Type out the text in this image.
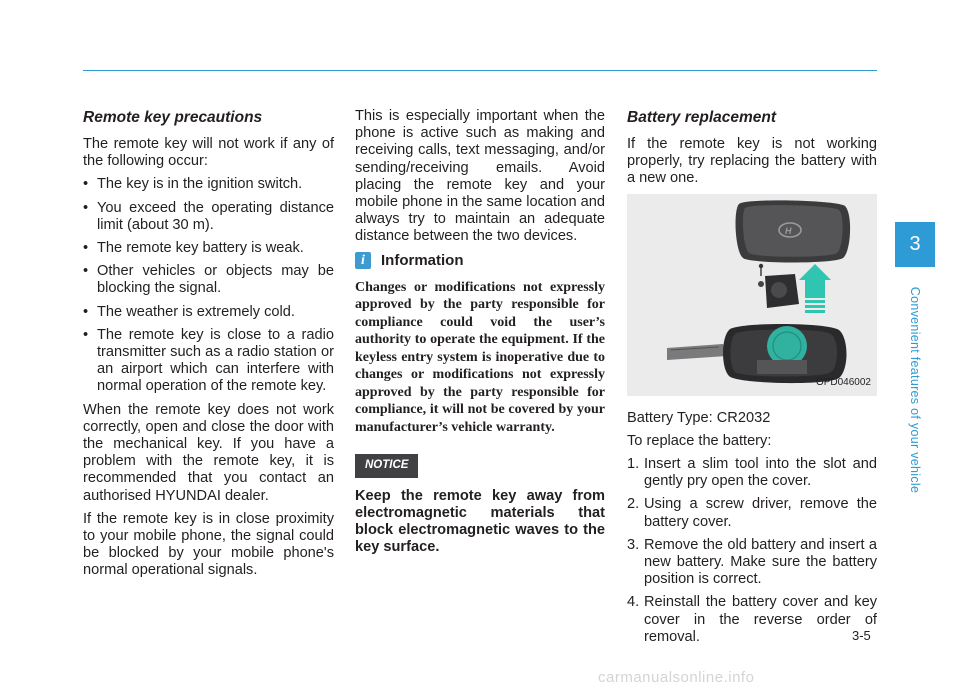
Remote key precautions

The remote key will not work if any of the following occur:

• The key is in the ignition switch.
• You exceed the operating distance limit (about 30 m).
• The remote key battery is weak.
• Other vehicles or objects may be blocking the signal.
• The weather is extremely cold.
• The remote key is close to a radio transmitter such as a radio station or an airport which can interfere with normal operation of the remote key.

When the remote key does not work correctly, open and close the door with the mechanical key. If you have a problem with the remote key, it is recommended that you contact an authorised HYUNDAI dealer.

If the remote key is in close proximity to your mobile phone, the signal could be blocked by your mobile phone's normal operational signals.

This is especially important when the phone is active such as making and receiving calls, text messaging, and/or sending/receiving emails. Avoid placing the remote key and your mobile phone in the same location and always try to maintain an adequate distance between the two devices.

i	Information

Changes or modifications not expressly approved by the party responsible for compliance could void the user’s authority to operate the equipment. If the keyless entry system is inoperative due to changes or modifications not expressly approved by the party responsible for compliance, it will not be covered by your manufacturer’s vehicle warranty.

NOTICE

Keep the remote key away from electromagnetic materials that block electromagnetic waves to the key surface.

Battery replacement

If the remote key is not working properly, try replacing the battery with a new one.

H
OPD046002

Battery Type: CR2032

To replace the battery:

1. Insert a slim tool into the slot and gently pry open the cover.
2. Using a screw driver, remove the battery cover.
3. Remove the old battery and insert a new battery. Make sure the battery position is correct.
4. Reinstall the battery cover and key cover in the reverse order of removal.
3
Convenient features of your vehicle
3-5
carmanualsonline.info
